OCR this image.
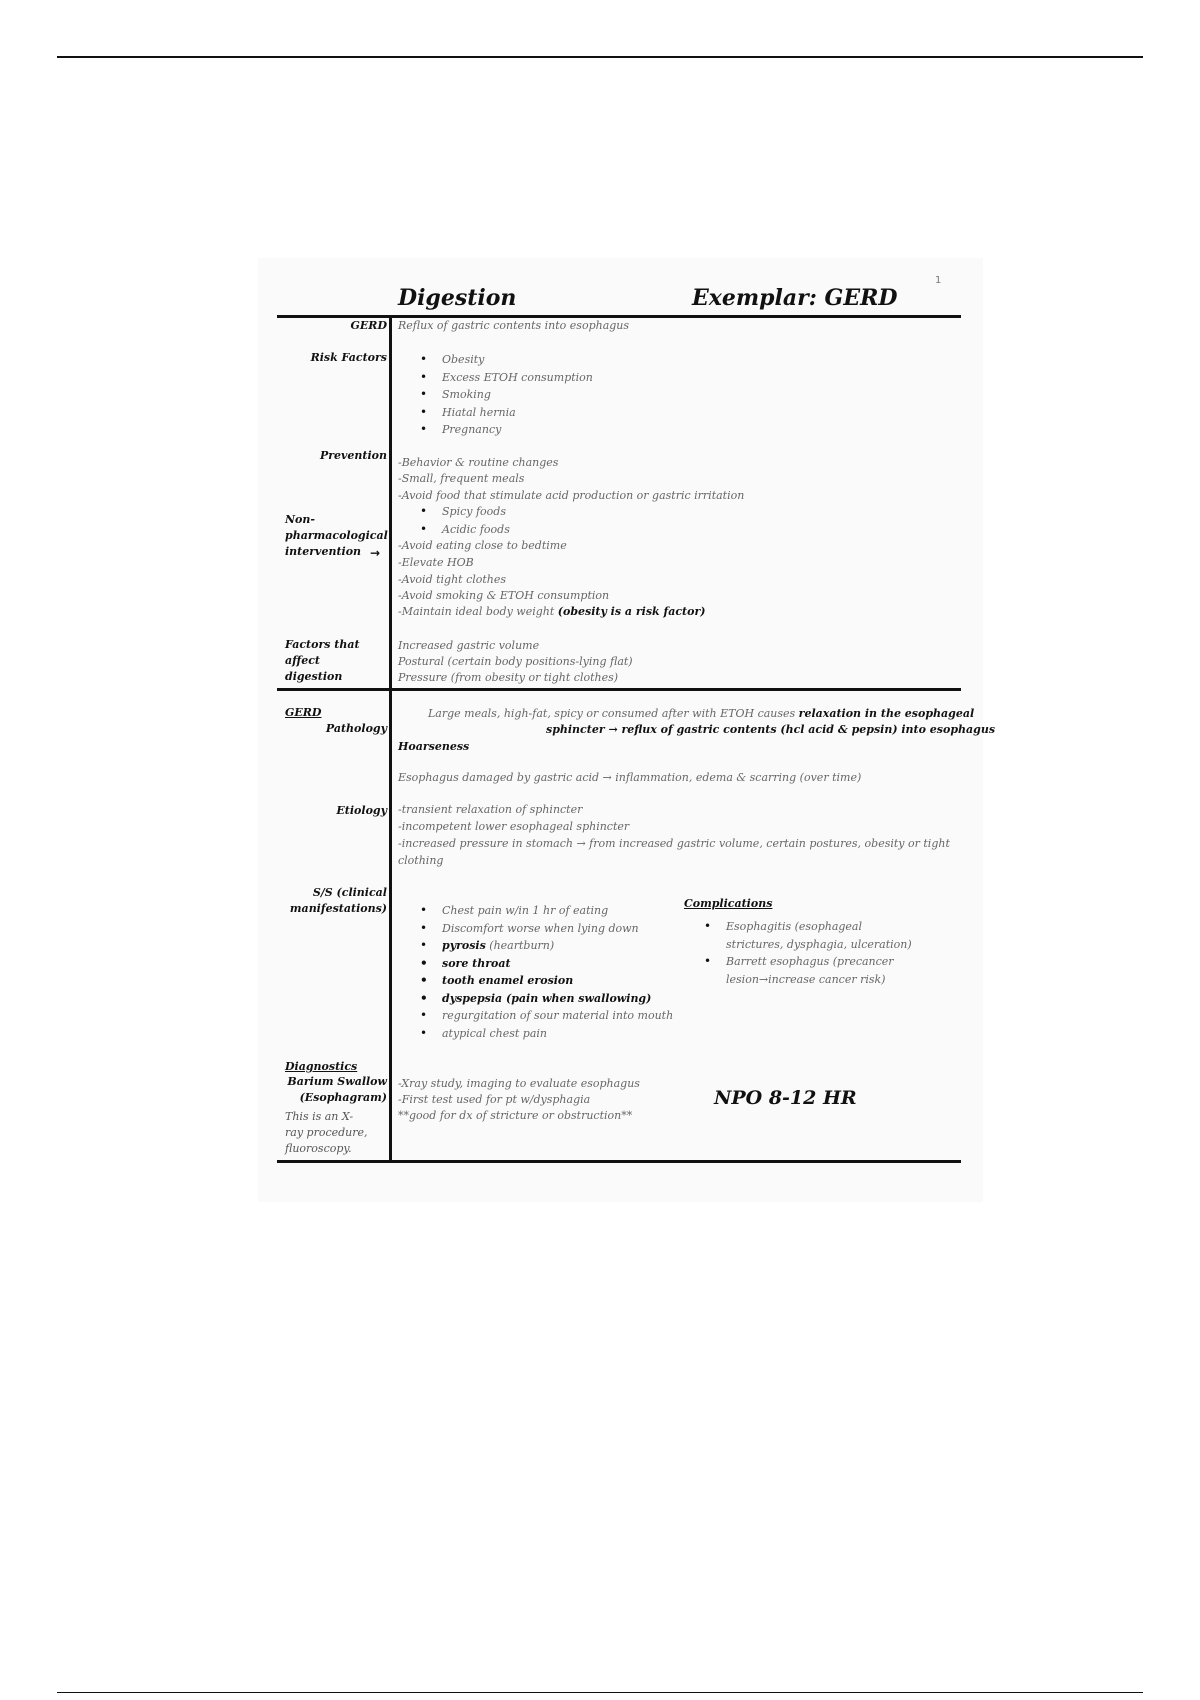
1
Digestion	Exemplar: GERD
GERD
Risk Factors
Prevention
Non-pharmacological intervention →
Factors that affect digestion
GERD
Pathology
Etiology
S/S (clinical manifestations)
Diagnostics
Barium Swallow (Esophagram)
This is an X-ray procedure, fluoroscopy.
Reflux of gastric contents into esophagus
• Obesity
• Excess ETOH consumption
• Smoking
• Hiatal hernia
• Pregnancy
-Behavior & routine changes
-Small, frequent meals
-Avoid food that stimulate acid production or gastric irritation
• Spicy foods
• Acidic foods
-Avoid eating close to bedtime
-Elevate HOB
-Avoid tight clothes
-Avoid smoking & ETOH consumption
-Maintain ideal body weight (obesity is a risk factor)
Increased gastric volume
Postural (certain body positions-lying flat)
Pressure (from obesity or tight clothes)
Large meals, high-fat, spicy or consumed after with ETOH causes relaxation in the esophageal
sphincter → reflux of gastric contents (hcl acid & pepsin) into esophagus
Hoarseness
Esophagus damaged by gastric acid → inflammation, edema & scarring (over time)
-transient relaxation of sphincter
-incompetent lower esophageal sphincter
-increased pressure in stomach → from increased gastric volume, certain postures, obesity or tight
clothing
• Chest pain w/in 1 hr of eating
• Discomfort worse when lying down
• pyrosis (heartburn)
• sore throat
• tooth enamel erosion
• dyspepsia (pain when swallowing)
• regurgitation of sour material into mouth
• atypical chest pain
Complications
• Esophagitis (esophageal strictures, dysphagia, ulceration)
• Barrett esophagus (precancer lesion→increase cancer risk)
-Xray study, imaging to evaluate esophagus
-First test used for pt w/dysphagia
**good for dx of stricture or obstruction**
NPO 8-12 HR
